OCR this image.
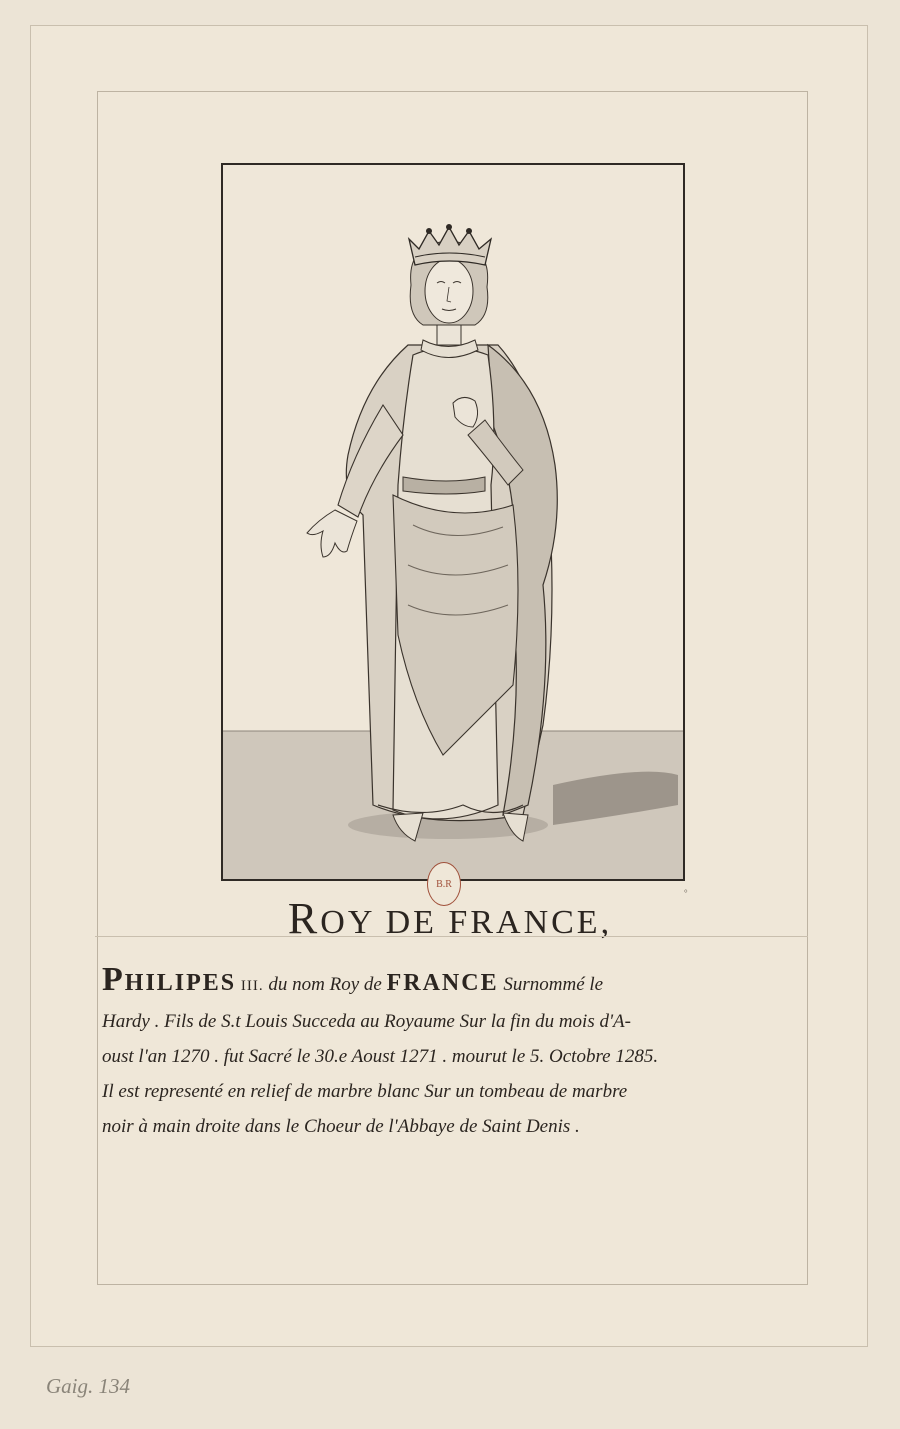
B.R
°
ROY DE FRANCE,
PHILIPES III. du nom Roy de FRANCE Surnommé le
Hardy . Fils de S.t Louis Succeda au Royaume Sur la fin du mois d'A-
oust l'an 1270 . fut Sacré le 30.e Aoust 1271 . mourut le 5. Octobre 1285.
Il est representé en relief de marbre blanc Sur un tombeau de marbre
noir à main droite dans le Choeur de l'Abbaye de Saint Denis .
Gaig. 134
